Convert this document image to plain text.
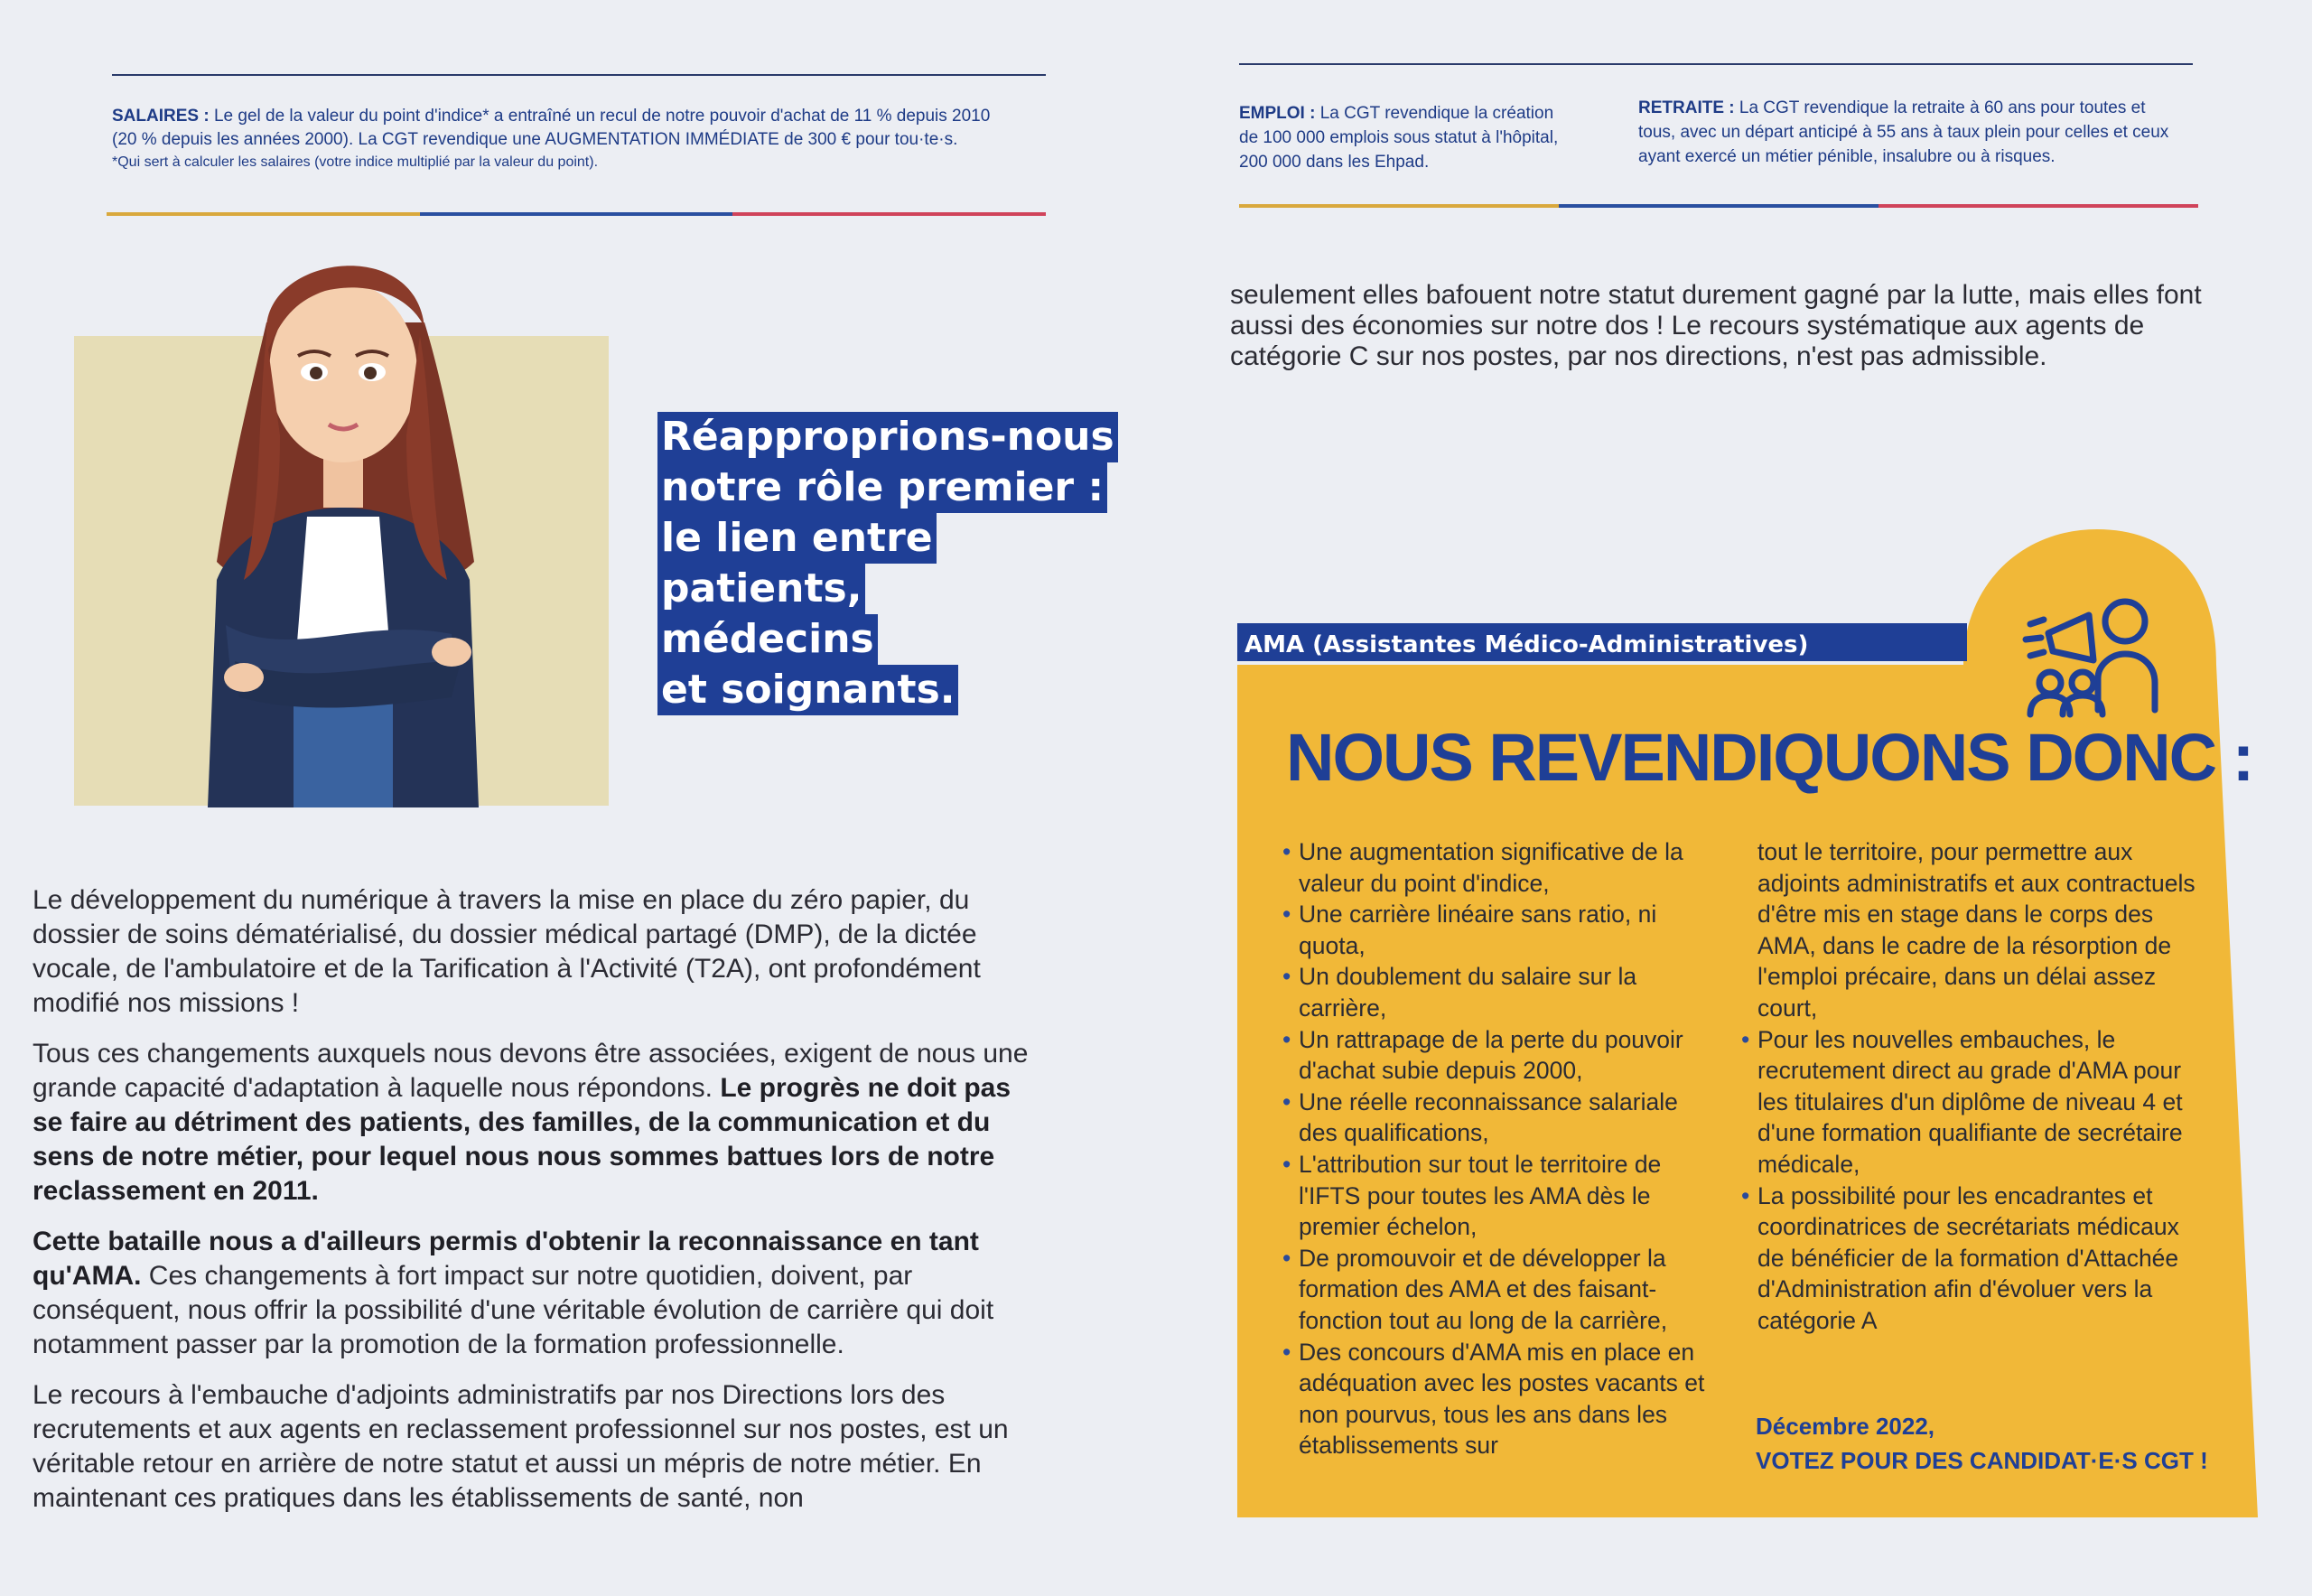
SALAIRES : Le gel de la valeur du point d'indice* a entraîné un recul de notre pouvoir d'achat de 11 % depuis 2010

(20 % depuis les années 2000). La CGT revendique une AUGMENTATION IMMÉDIATE de 300 € pour tou·te·s.

*Qui sert à calculer les salaires (votre indice multiplié par la valeur du point).

EMPLOI : La CGT revendique la création

de 100 000 emplois sous statut à l'hôpital,

200 000 dans les Ehpad.

RETRAITE : La CGT revendique la retraite à 60 ans pour toutes et

tous, avec un départ anticipé à 55 ans à taux plein pour celles et ceux

ayant exercé un métier pénible, insalubre ou à risques.

Réapproprions-nous
notre rôle premier :
le lien entre
patients,
médecins
et soignants.

Le développement du numérique à travers la mise en place du zéro papier, du dossier de soins dématérialisé, du dossier médical partagé (DMP), de la dictée vocale, de l'ambulatoire et de la Tarification à l'Activité (T2A), ont profondément modifié nos missions !

Tous ces changements auxquels nous devons être associées, exigent de nous une grande capacité d'adaptation à laquelle nous répondons. Le progrès ne doit pas se faire au détriment des patients, des familles, de la communication et du sens de notre métier, pour lequel nous nous sommes battues lors de notre reclassement en 2011.

Cette bataille nous a d'ailleurs permis d'obtenir la reconnaissance en tant qu'AMA. Ces changements à fort impact sur notre quotidien, doivent, par conséquent, nous offrir la possibilité d'une véritable évolution de carrière qui doit notamment passer par la promotion de la formation professionnelle.

Le recours à l'embauche d'adjoints administratifs par nos Directions lors des recrutements et aux agents en reclassement professionnel sur nos postes, est un véritable retour en arrière de notre statut et aussi un mépris de notre métier. En maintenant ces pratiques dans les établissements de santé, non

seulement elles bafouent notre statut durement gagné par la lutte, mais elles font aussi des économies sur notre dos ! Le recours systématique aux agents de catégorie C sur nos postes, par nos directions, n'est pas admissible.

AMA (Assistantes Médico-Administratives)
NOUS REVENDIQUONS DONC :
• Une augmentation significative de la valeur du point d'indice,
• Une carrière linéaire sans ratio, ni quota,
• Un doublement du salaire sur la carrière,
• Un rattrapage de la perte du pouvoir d'achat subie depuis 2000,
• Une réelle reconnaissance salariale des qualifications,
• L'attribution sur tout le territoire de l'IFTS pour toutes les AMA dès le premier échelon,
• De promouvoir et de développer la formation des AMA et des faisant-fonction tout au long de la carrière,
• Des concours d'AMA mis en place en adéquation avec les postes vacants et non pourvus, tous les ans dans les établissements sur
tout le territoire, pour permettre aux adjoints administratifs et aux contractuels d'être mis en stage dans le corps des AMA, dans le cadre de la résorption de l'emploi précaire, dans un délai assez court,
• Pour les nouvelles embauches, le recrutement direct au grade d'AMA pour les titulaires d'un diplôme de niveau 4 et d'une formation qualifiante de secrétaire médicale,
• La possibilité pour les encadrantes et coordinatrices de secrétariats médicaux de bénéficier de la formation d'Attachée d'Administration afin d'évoluer vers la catégorie A
Décembre 2022,
VOTEZ POUR DES CANDIDAT·E·S CGT !
